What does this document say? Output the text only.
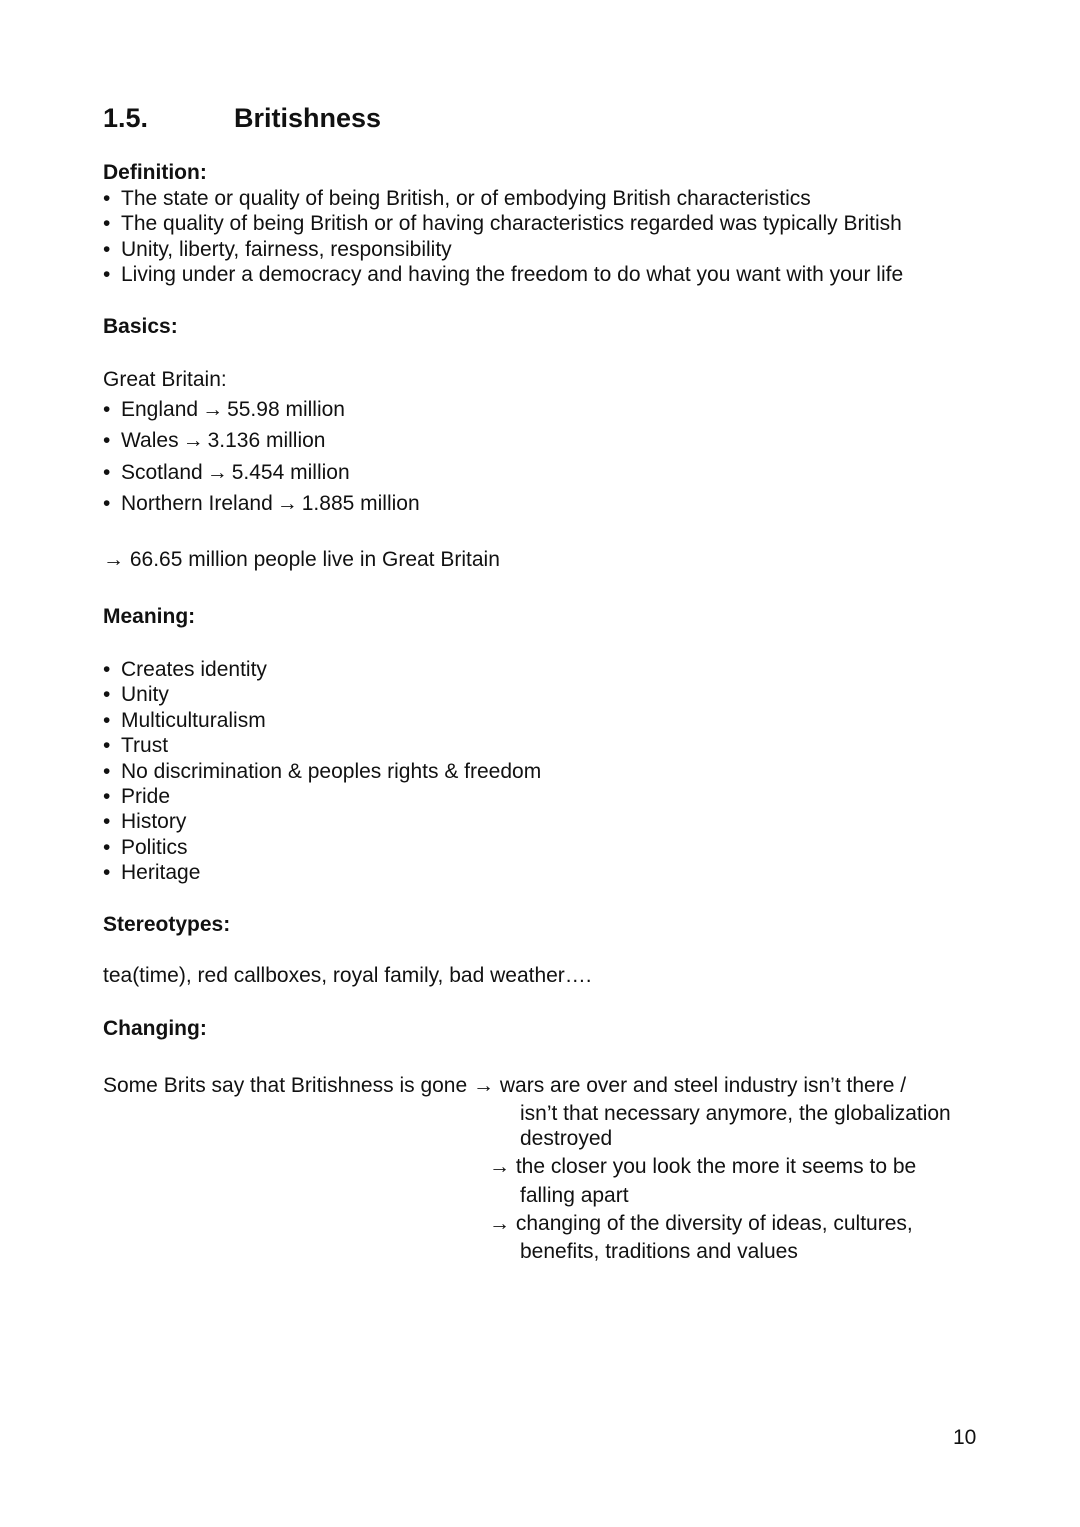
1.5.	Britishness
Definition:
• The state or quality of being British, or of embodying British characteristics
• The quality of being British or of having characteristics regarded was typically British
• Unity, liberty, fairness, responsibility
• Living under a democracy and having the freedom to do what you want with your life
Basics:
Great Britain:
• England → 55.98 million
• Wales → 3.136 million
• Scotland → 5.454 million
• Northern Ireland → 1.885 million
→ 66.65 million people live in Great Britain
Meaning:
• Creates identity
• Unity
• Multiculturalism
• Trust
• No discrimination & peoples rights & freedom
• Pride
• History
• Politics
• Heritage
Stereotypes:
tea(time), red callboxes, royal family, bad weather….
Changing:
Some Brits say that Britishness is gone → wars are over and steel industry isn’t there /
isn’t that necessary anymore, the globalization
destroyed
→ the closer you look the more it seems to be
falling apart
→ changing of the diversity of ideas, cultures,
benefits, traditions and values
10
